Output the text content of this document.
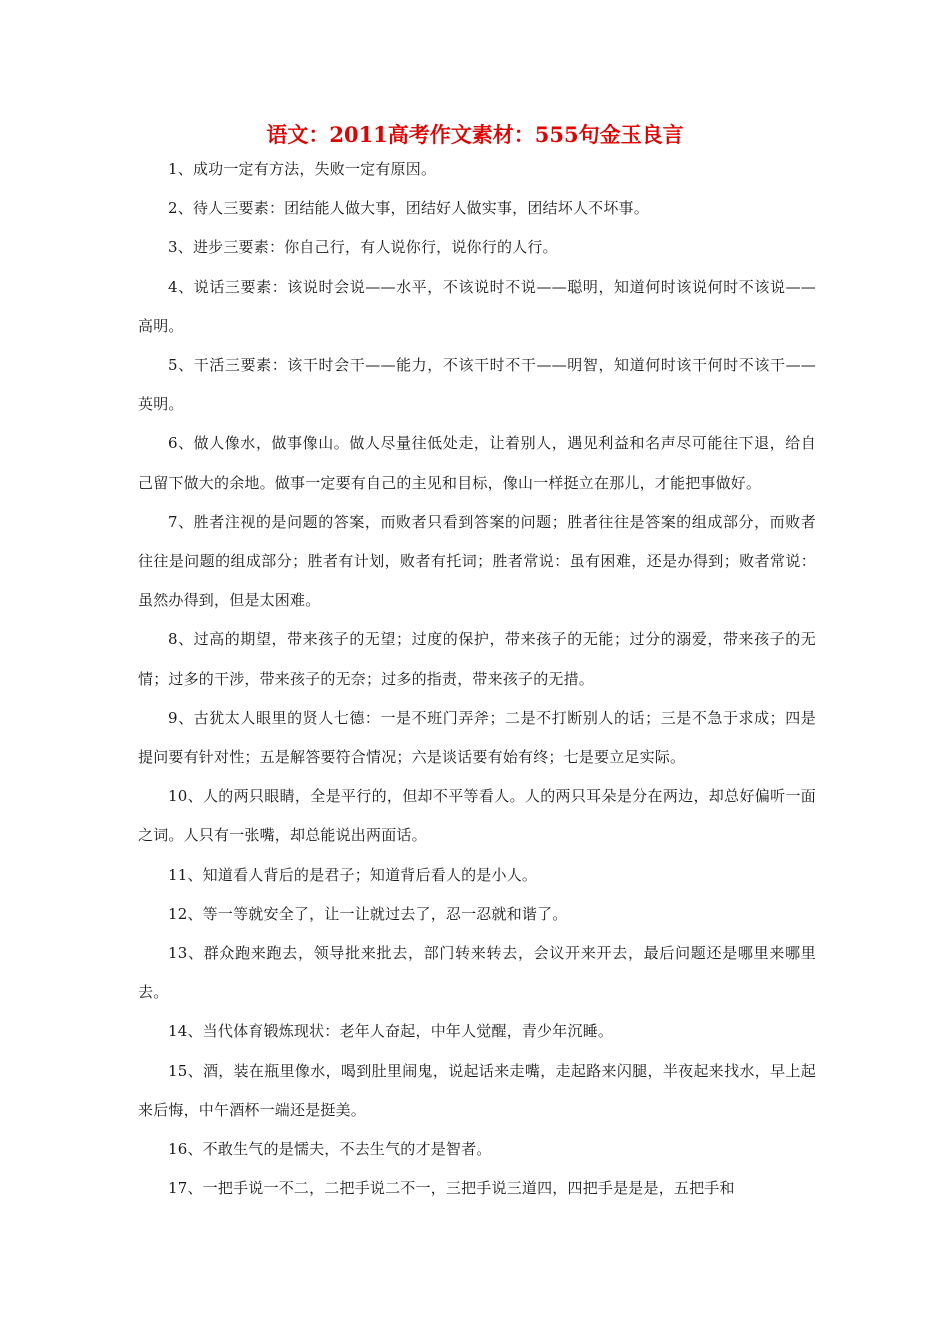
语文：2011高考作文素材：555句金玉良言

1、成功一定有方法，失败一定有原因。

2、待人三要素：团结能人做大事，团结好人做实事，团结坏人不坏事。

3、进步三要素：你自己行，有人说你行，说你行的人行。

4、说话三要素：该说时会说——水平，不该说时不说——聪明，知道何时该说何时不该说——高明。

5、干活三要素：该干时会干——能力，不该干时不干——明智，知道何时该干何时不该干——英明。

6、做人像水，做事像山。做人尽量往低处走，让着别人，遇见利益和名声尽可能往下退，给自己留下做大的余地。做事一定要有自己的主见和目标，像山一样挺立在那儿，才能把事做好。

7、胜者注视的是问题的答案，而败者只看到答案的问题；胜者往往是答案的组成部分，而败者往往是问题的组成部分；胜者有计划，败者有托词；胜者常说：虽有困难，还是办得到；败者常说：虽然办得到，但是太困难。

8、过高的期望，带来孩子的无望；过度的保护，带来孩子的无能；过分的溺爱，带来孩子的无情；过多的干涉，带来孩子的无奈；过多的指责，带来孩子的无措。

9、古犹太人眼里的贤人七德：一是不班门弄斧；二是不打断别人的话；三是不急于求成；四是提问要有针对性；五是解答要符合情况；六是谈话要有始有终；七是要立足实际。

10、人的两只眼睛，全是平行的，但却不平等看人。人的两只耳朵是分在两边，却总好偏听一面之词。人只有一张嘴，却总能说出两面话。

11、知道看人背后的是君子；知道背后看人的是小人。

12、等一等就安全了，让一让就过去了，忍一忍就和谐了。

13、群众跑来跑去，领导批来批去，部门转来转去，会议开来开去，最后问题还是哪里来哪里去。

14、当代体育锻炼现状：老年人奋起，中年人觉醒，青少年沉睡。

15、酒，装在瓶里像水，喝到肚里闹鬼，说起话来走嘴，走起路来闪腿，半夜起来找水，早上起来后悔，中午酒杯一端还是挺美。

16、不敢生气的是懦夫，不去生气的才是智者。

17、一把手说一不二，二把手说二不一，三把手说三道四，四把手是是是，五把手和
